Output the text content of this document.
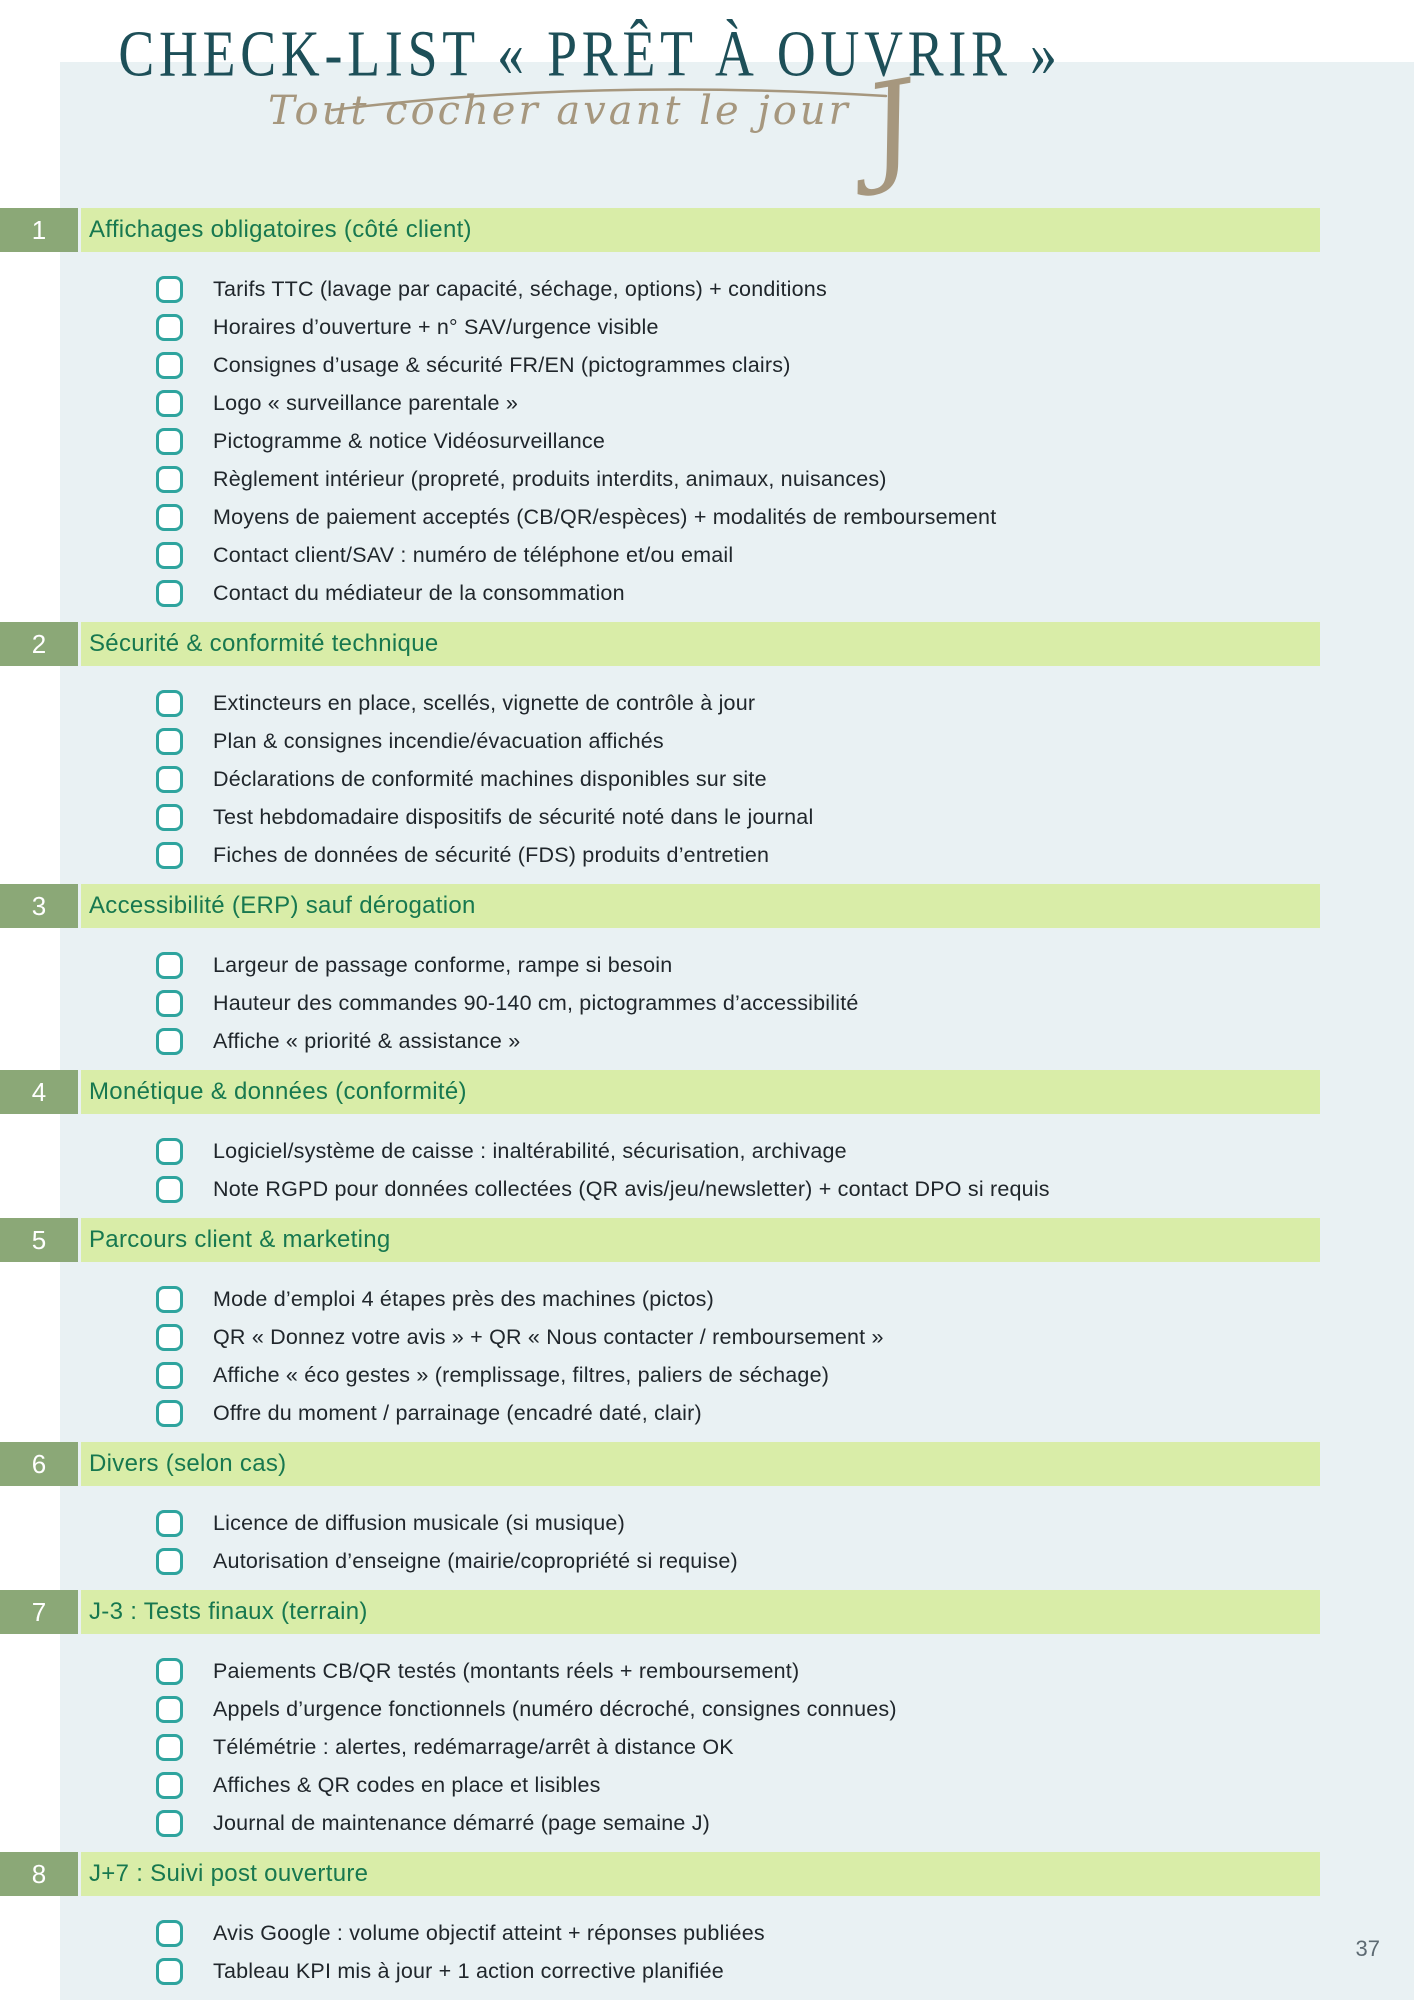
CHECK-LIST « PRÊT À OUVRIR »
Tout cocher avant le jourJ
1	Affichages obligatoires (côté client)
Tarifs TTC (lavage par capacité, séchage, options) + conditions
Horaires d’ouverture + n° SAV/urgence visible
Consignes d’usage & sécurité FR/EN (pictogrammes clairs)
Logo « surveillance parentale »
Pictogramme & notice Vidéosurveillance
Règlement intérieur (propreté, produits interdits, animaux, nuisances)
Moyens de paiement acceptés (CB/QR/espèces) + modalités de remboursement
Contact client/SAV : numéro de téléphone et/ou email
Contact du médiateur de la consommation
2	Sécurité & conformité technique
Extincteurs en place, scellés, vignette de contrôle à jour
Plan & consignes incendie/évacuation affichés
Déclarations de conformité machines disponibles sur site
Test hebdomadaire dispositifs de sécurité noté dans le journal
Fiches de données de sécurité (FDS) produits d’entretien
3	Accessibilité (ERP) sauf dérogation
Largeur de passage conforme, rampe si besoin
Hauteur des commandes 90-140 cm, pictogrammes d’accessibilité
Affiche « priorité & assistance »
4	Monétique & données (conformité)
Logiciel/système de caisse : inaltérabilité, sécurisation, archivage
Note RGPD pour données collectées (QR avis/jeu/newsletter) + contact DPO si requis
5	Parcours client & marketing
Mode d’emploi 4 étapes près des machines (pictos)
QR « Donnez votre avis » + QR « Nous contacter / remboursement »
Affiche « éco gestes » (remplissage, filtres, paliers de séchage)
Offre du moment / parrainage (encadré daté, clair)
6	Divers (selon cas)
Licence de diffusion musicale (si musique)
Autorisation d’enseigne (mairie/copropriété si requise)
7	J-3 : Tests finaux (terrain)
Paiements CB/QR testés (montants réels + remboursement)
Appels d’urgence fonctionnels (numéro décroché, consignes connues)
Télémétrie : alertes, redémarrage/arrêt à distance OK
Affiches & QR codes en place et lisibles
Journal de maintenance démarré (page semaine J)
8	J+7 : Suivi post ouverture
Avis Google : volume objectif atteint + réponses publiées
Tableau KPI mis à jour + 1 action corrective planifiée
37
